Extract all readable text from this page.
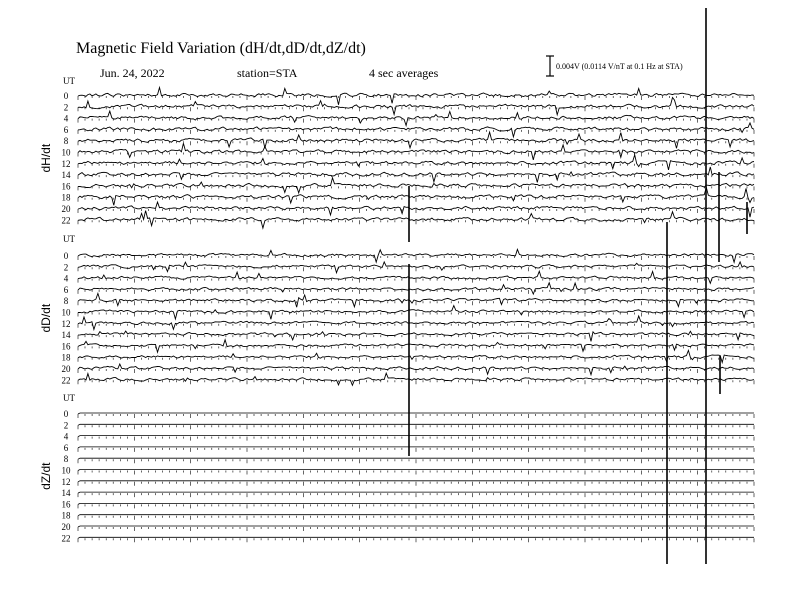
Magnetic Field Variation (dH/dt,dD/dt,dZ/dt)
Jun. 24, 2022	station=STA	4 sec averages	0.004V (0.0114 V/nT at 0.1 Hz at STA)
UT
dH/dt
0
2
4
6
8
10
12
14
16
18
20
22
UT
dD/dt
0
2
4
6
8
10
12
14
16
18
20
22
UT
dZ/dt
0
2
4
6
8
10
12
14
16
18
20
22
